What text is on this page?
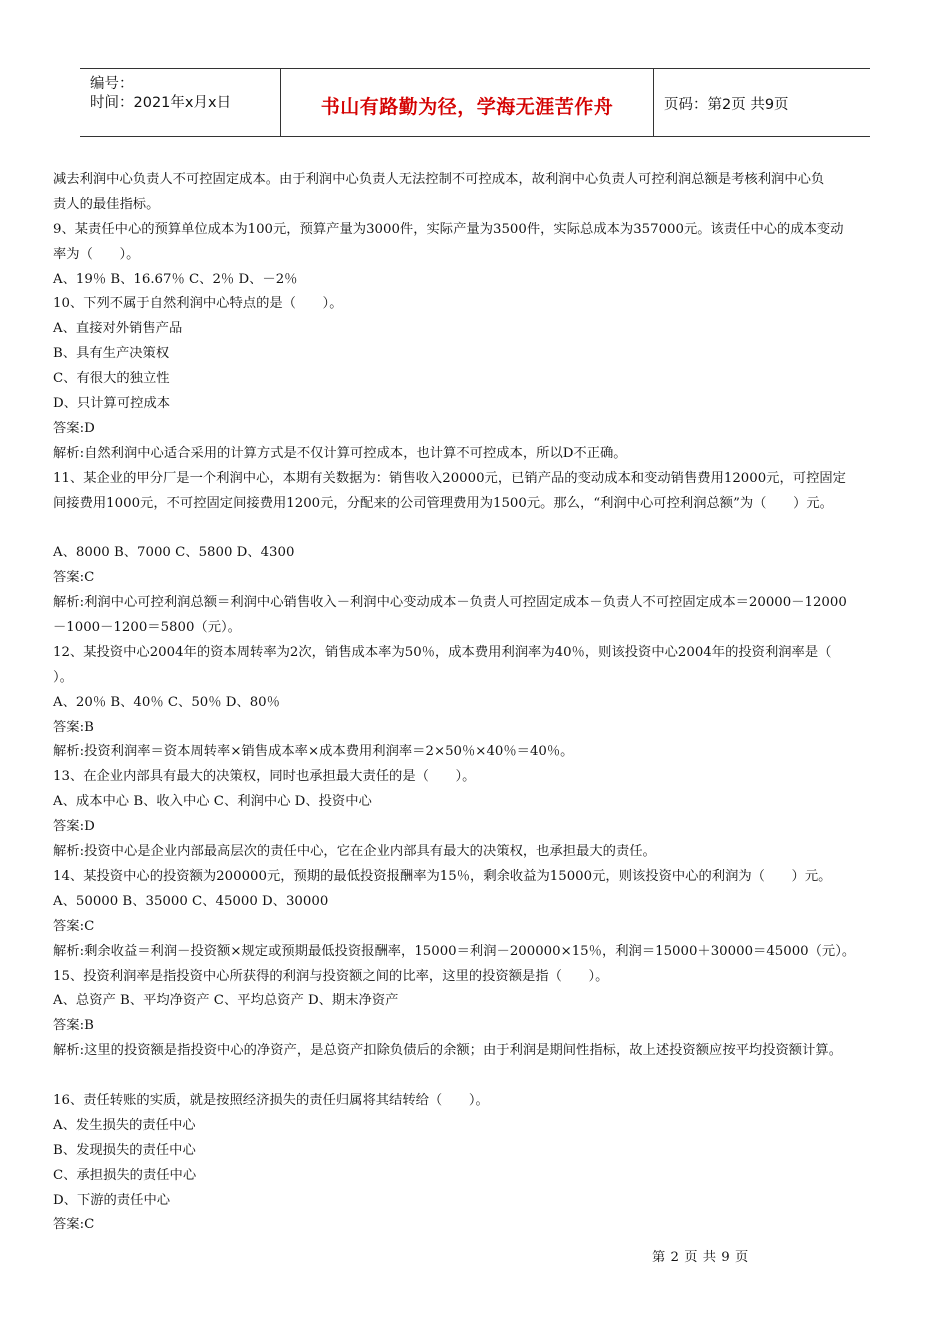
编号：
时间：2021年x月x日	书山有路勤为径，学海无涯苦作舟	页码：第2页 共9页
减去利润中心负责人不可控固定成本。由于利润中心负责人无法控制不可控成本，故利润中心负责人可控利润总额是考核利润中心负
责人的最佳指标。
9、某责任中心的预算单位成本为100元，预算产量为3000件，实际产量为3500件，实际总成本为357000元。该责任中心的成本变动
率为（　　）。
A、19％ B、16.67％ C、2％ D、－2％
10、下列不属于自然利润中心特点的是（　　）。
A、直接对外销售产品
B、具有生产决策权
C、有很大的独立性
D、只计算可控成本
答案:D
解析:自然利润中心适合采用的计算方式是不仅计算可控成本，也计算不可控成本，所以D不正确。
11、某企业的甲分厂是一个利润中心，本期有关数据为：销售收入20000元，已销产品的变动成本和变动销售费用12000元，可控固定
间接费用1000元，不可控固定间接费用1200元，分配来的公司管理费用为1500元。那么，“利润中心可控利润总额”为（　　）元。
A、8000 B、7000 C、5800 D、4300
答案:C
解析:利润中心可控利润总额＝利润中心销售收入－利润中心变动成本－负责人可控固定成本－负责人不可控固定成本＝20000－12000
－1000－1200＝5800（元）。
12、某投资中心2004年的资本周转率为2次，销售成本率为50％，成本费用利润率为40％，则该投资中心2004年的投资利润率是（
）。
A、20％ B、40％ C、50％ D、80％
答案:B
解析:投资利润率＝资本周转率×销售成本率×成本费用利润率＝2×50％×40％＝40％。
13、在企业内部具有最大的决策权，同时也承担最大责任的是（　　）。
A、成本中心 B、收入中心 C、利润中心 D、投资中心
答案:D
解析:投资中心是企业内部最高层次的责任中心，它在企业内部具有最大的决策权，也承担最大的责任。
14、某投资中心的投资额为200000元，预期的最低投资报酬率为15％，剩余收益为15000元，则该投资中心的利润为（　　）元。
A、50000 B、35000 C、45000 D、30000
答案:C
解析:剩余收益＝利润－投资额×规定或预期最低投资报酬率，15000＝利润－200000×15％，利润＝15000＋30000＝45000（元）。
15、投资利润率是指投资中心所获得的利润与投资额之间的比率，这里的投资额是指（　　）。
A、总资产 B、平均净资产 C、平均总资产 D、期末净资产
答案:B
解析:这里的投资额是指投资中心的净资产，是总资产扣除负债后的余额；由于利润是期间性指标，故上述投资额应按平均投资额计算。
16、责任转账的实质，就是按照经济损失的责任归属将其结转给（　　）。
A、发生损失的责任中心
B、发现损失的责任中心
C、承担损失的责任中心
D、下游的责任中心
答案:C
第 2 页 共 9 页
